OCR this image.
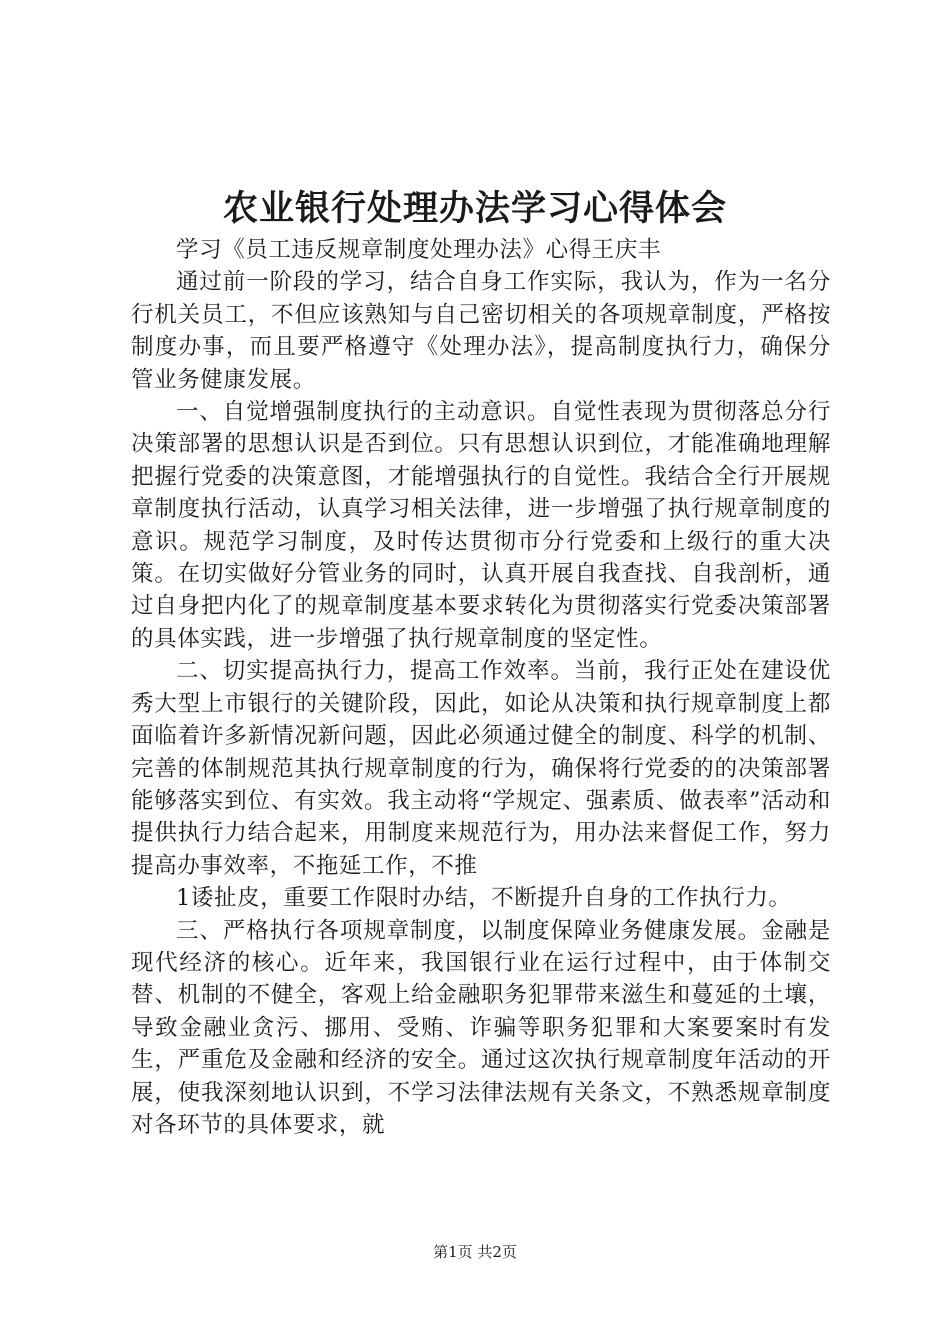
农业银行处理办法学习心得体会

学习《员工违反规章制度处理办法》心得王庆丰

通过前一阶段的学习，结合自身工作实际，我认为，作为一名分行机关员工，不但应该熟知与自己密切相关的各项规章制度，严格按制度办事，而且要严格遵守《处理办法》，提高制度执行力，确保分管业务健康发展。

一、自觉增强制度执行的主动意识。自觉性表现为贯彻落总分行决策部署的思想认识是否到位。只有思想认识到位，才能准确地理解把握行党委的决策意图，才能增强执行的自觉性。我结合全行开展规章制度执行活动，认真学习相关法律，进一步增强了执行规章制度的意识。规范学习制度，及时传达贯彻市分行党委和上级行的重大决策。在切实做好分管业务的同时，认真开展自我查找、自我剖析，通过自身把内化了的规章制度基本要求转化为贯彻落实行党委决策部署的具体实践，进一步增强了执行规章制度的坚定性。

二、切实提高执行力，提高工作效率。当前，我行正处在建设优秀大型上市银行的关键阶段，因此，如论从决策和执行规章制度上都面临着许多新情况新问题，因此必须通过健全的制度、科学的机制、完善的体制规范其执行规章制度的行为，确保将行党委的的决策部署能够落实到位、有实效。我主动将“学规定、强素质、做表率”活动和提供执行力结合起来，用制度来规范行为，用办法来督促工作，努力提高办事效率，不拖延工作，不推

1诿扯皮，重要工作限时办结，不断提升自身的工作执行力。

三、严格执行各项规章制度，以制度保障业务健康发展。金融是现代经济的核心。近年来，我国银行业在运行过程中，由于体制交替、机制的不健全，客观上给金融职务犯罪带来滋生和蔓延的土壤，导致金融业贪污、挪用、受贿、诈骗等职务犯罪和大案要案时有发生，严重危及金融和经济的安全。通过这次执行规章制度年活动的开展，使我深刻地认识到，不学习法律法规有关条文，不熟悉规章制度对各环节的具体要求，就

第1页 共2页
